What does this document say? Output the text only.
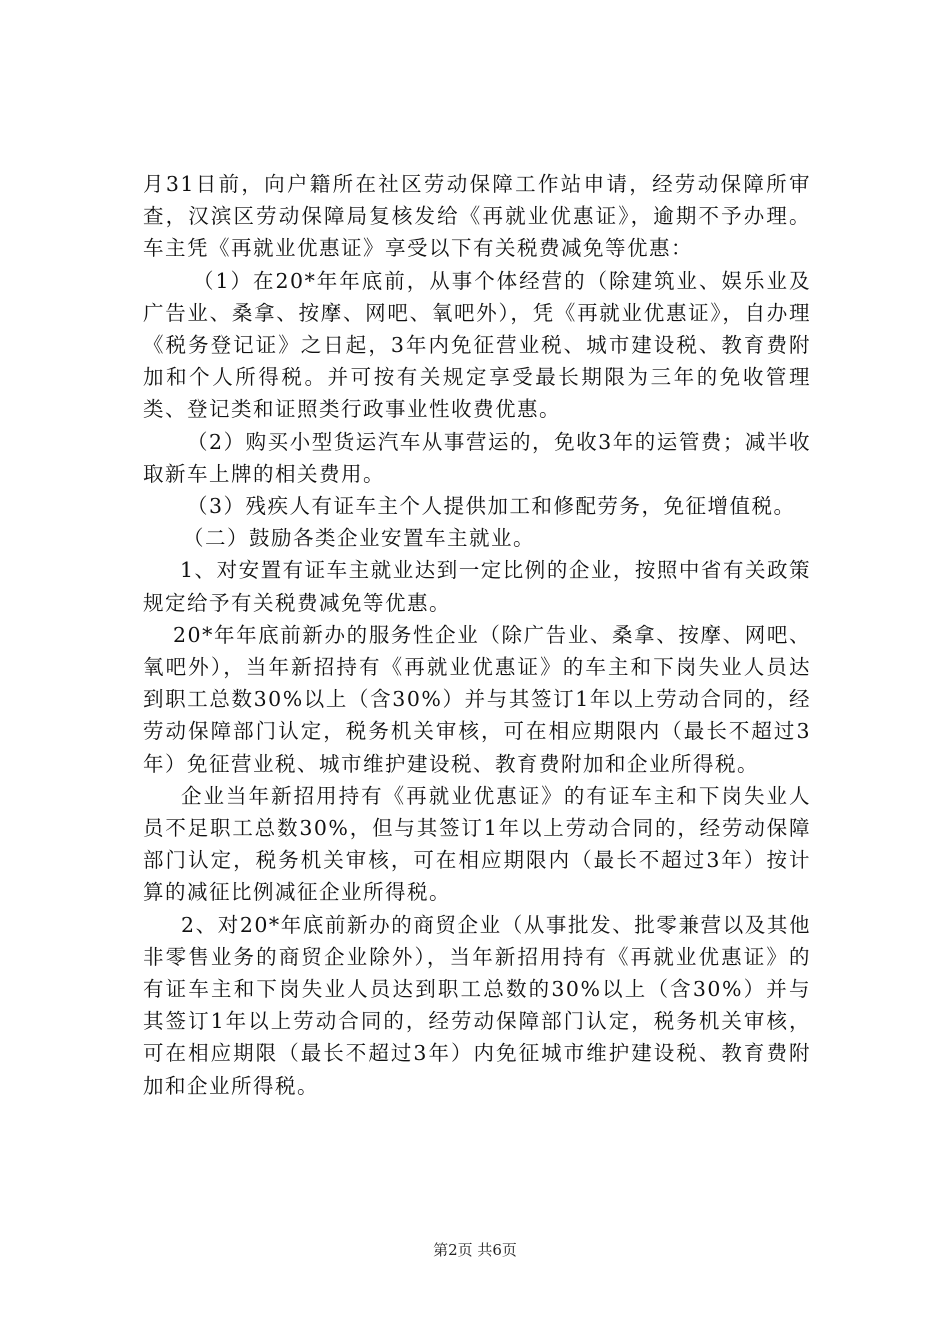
月31日前，向户籍所在社区劳动保障工作站申请，经劳动保障所审查，汉滨区劳动保障局复核发给《再就业优惠证》，逾期不予办理。车主凭《再就业优惠证》享受以下有关税费减免等优惠：

（1）在20*年年底前，从事个体经营的（除建筑业、娱乐业及广告业、桑拿、按摩、网吧、氧吧外），凭《再就业优惠证》，自办理《税务登记证》之日起，3年内免征营业税、城市建设税、教育费附加和个人所得税。并可按有关规定享受最长期限为三年的免收管理类、登记类和证照类行政事业性收费优惠。

（2）购买小型货运汽车从事营运的，免收3年的运管费；减半收取新车上牌的相关费用。

（3）残疾人有证车主个人提供加工和修配劳务，免征增值税。

（二）鼓励各类企业安置车主就业。

1、对安置有证车主就业达到一定比例的企业，按照中省有关政策规定给予有关税费减免等优惠。

20*年年底前新办的服务性企业（除广告业、桑拿、按摩、网吧、氧吧外），当年新招持有《再就业优惠证》的车主和下岗失业人员达到职工总数30%以上（含30%）并与其签订1年以上劳动合同的，经劳动保障部门认定，税务机关审核，可在相应期限内（最长不超过3年）免征营业税、城市维护建设税、教育费附加和企业所得税。

企业当年新招用持有《再就业优惠证》的有证车主和下岗失业人员不足职工总数30%，但与其签订1年以上劳动合同的，经劳动保障部门认定，税务机关审核，可在相应期限内（最长不超过3年）按计算的减征比例减征企业所得税。

2、对20*年底前新办的商贸企业（从事批发、批零兼营以及其他非零售业务的商贸企业除外），当年新招用持有《再就业优惠证》的有证车主和下岗失业人员达到职工总数的30%以上（含30%）并与其签订1年以上劳动合同的，经劳动保障部门认定，税务机关审核，可在相应期限（最长不超过3年）内免征城市维护建设税、教育费附加和企业所得税。

第2页 共6页
